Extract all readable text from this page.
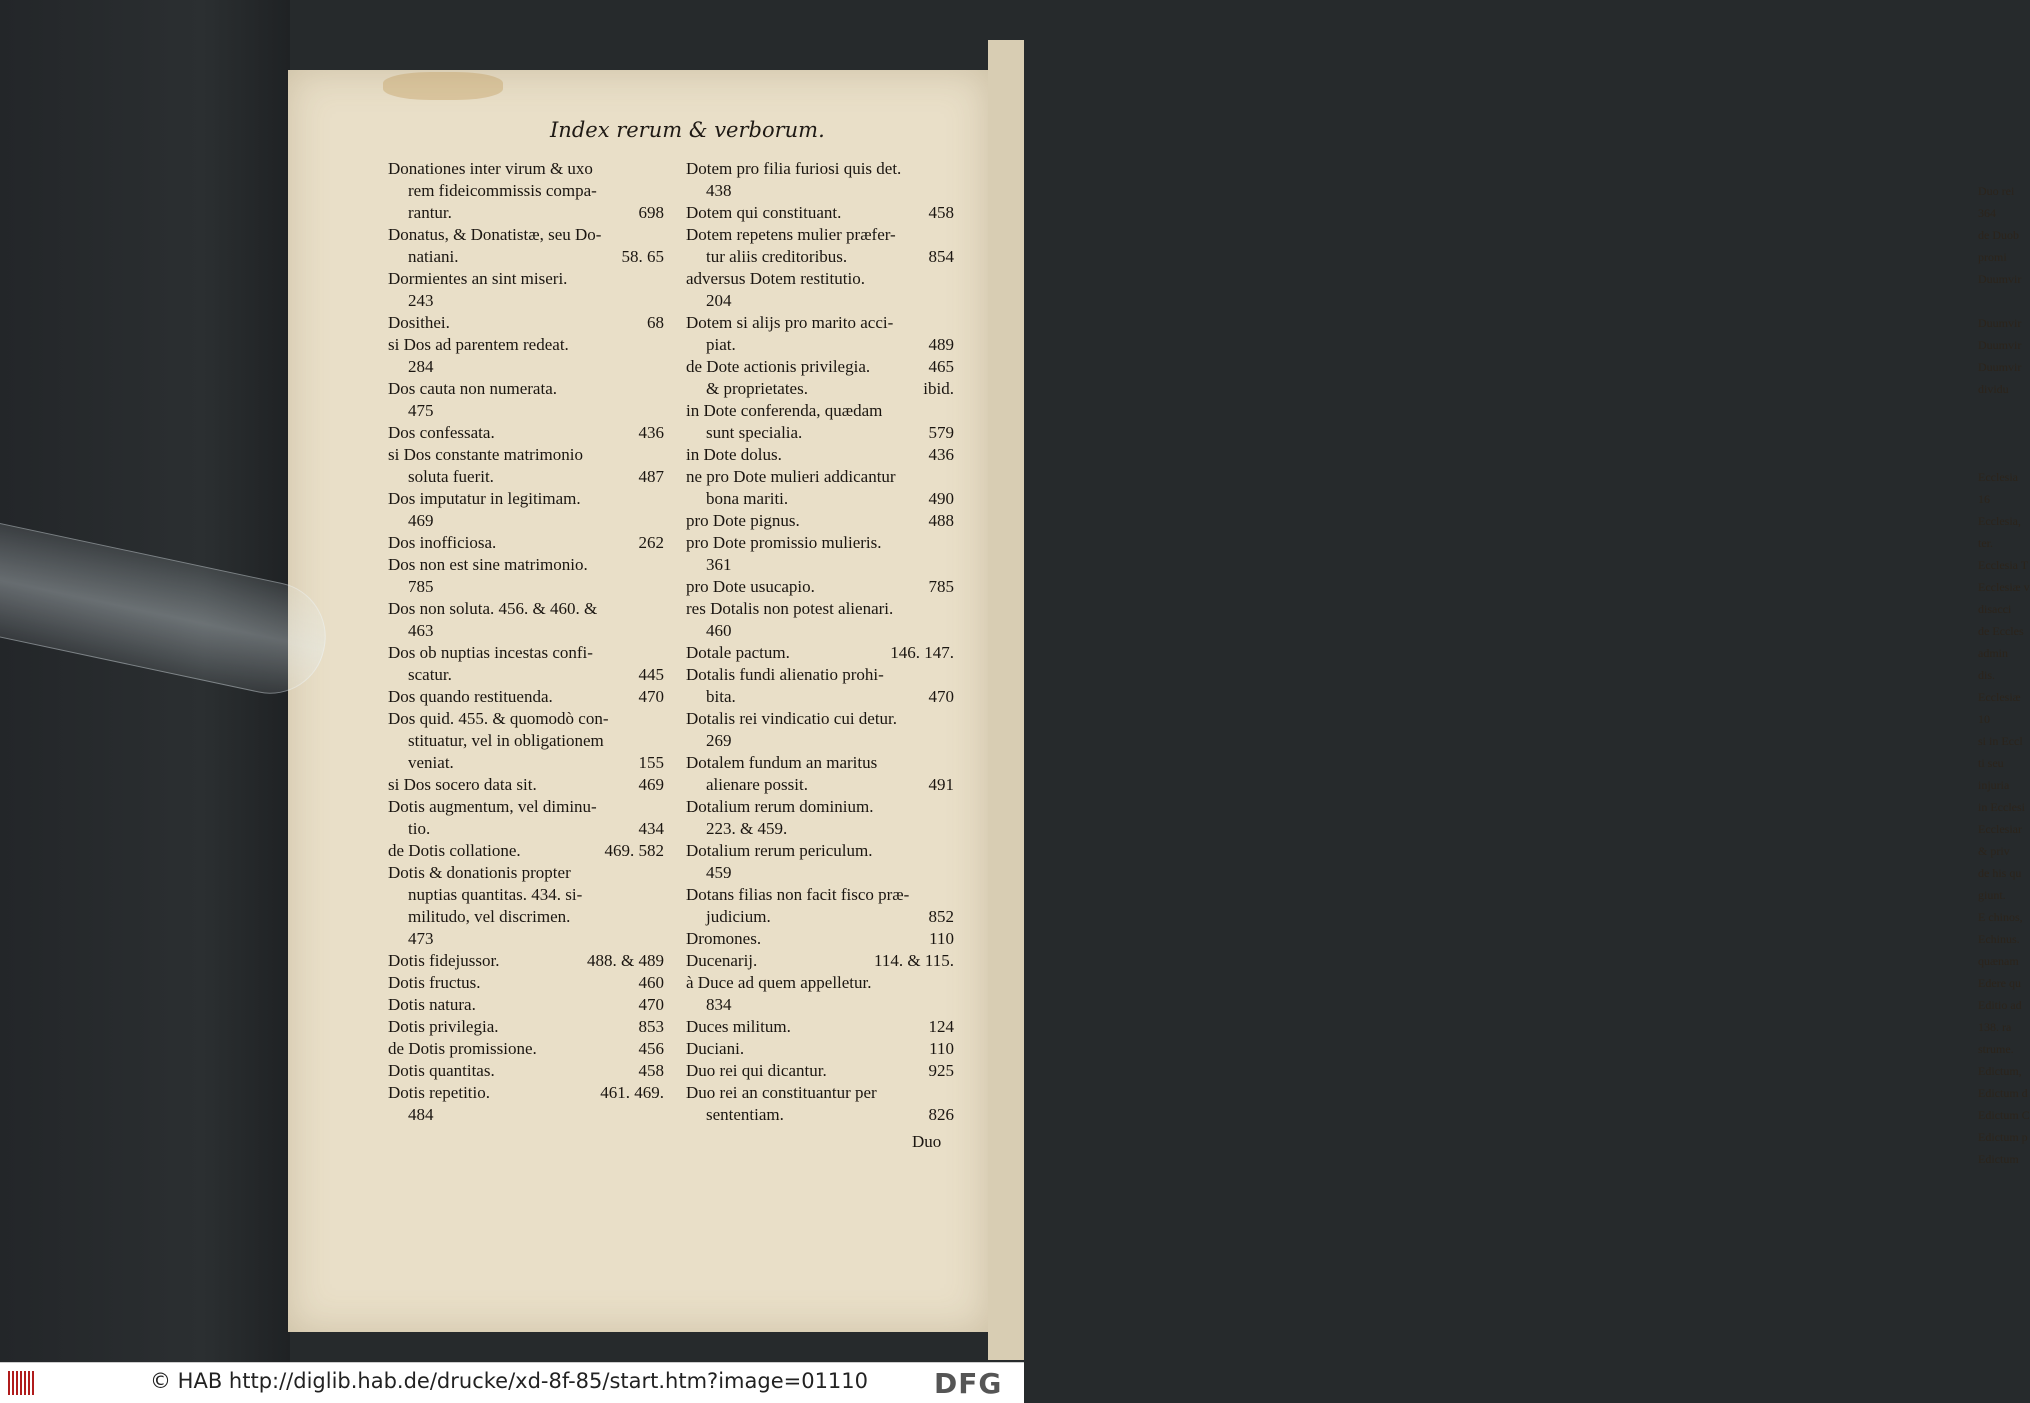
Duo rei
364
de Duob
promi
Duumvir
Duumvir
Duumvir
Duumvir
dividu
Ecclesia
16
Ecclesia,
ter.
Ecclesia T
Ecclesiæ v
disacci
de Eccles
admin
dis.
Ecclesiæ
10
si in Eccl
ti seu
injuria
in Ecclesi
Ecclesiar
& priv
de his qu
giunt.
E chinos,
Echinus.
quænam
Edere qu
Editio ad
138. ra
strume.
Edictum,
Edictum d
Edictum C
Edictum p
Edictum
Index rerum & verborum.
Donationes inter virum & uxo
rem fideicommissis compa-
rantur.	698
Donatus, & Donatistæ, seu Do-
natiani.	58. 65
Dormientes an sint miseri.
243
Dosithei.	68
si Dos ad parentem redeat.
284
Dos cauta non numerata.
475
Dos confessata.	436
si Dos constante matrimonio
soluta fuerit.	487
Dos imputatur in legitimam.
469
Dos inofficiosa.	262
Dos non est sine matrimonio.
785
Dos non soluta. 456. & 460. &
463
Dos ob nuptias incestas confi-
scatur.	445
Dos quando restituenda.	470
Dos quid. 455. & quomodò con-
stituatur, vel in obligationem
veniat.	155
si Dos socero data sit.	469
Dotis augmentum, vel diminu-
tio.	434
de Dotis collatione.	469. 582
Dotis & donationis propter
nuptias quantitas. 434. si-
militudo, vel discrimen.
473
Dotis fidejussor.	488. & 489
Dotis fructus.	460
Dotis natura.	470
Dotis privilegia.	853
de Dotis promissione.	456
Dotis quantitas.	458
Dotis repetitio.	461. 469.
484
Dotem pro filia furiosi quis det.
438
Dotem qui constituant.	458
Dotem repetens mulier præfer-
tur aliis creditoribus.	854
adversus Dotem restitutio.
204
Dotem si alijs pro marito acci-
piat.	489
de Dote actionis privilegia.	465
& proprietates.	ibid.
in Dote conferenda, quædam
sunt specialia.	579
in Dote dolus.	436
ne pro Dote mulieri addicantur
bona mariti.	490
pro Dote pignus.	488
pro Dote promissio mulieris.
361
pro Dote usucapio.	785
res Dotalis non potest alienari.
460
Dotale pactum.	146. 147.
Dotalis fundi alienatio prohi-
bita.	470
Dotalis rei vindicatio cui detur.
269
Dotalem fundum an maritus
alienare possit.	491
Dotalium rerum dominium.
223. & 459.
Dotalium rerum periculum.
459
Dotans filias non facit fisco præ-
judicium.	852
Dromones.	110
Ducenarij.	114. & 115.
à Duce ad quem appelletur.
834
Duces militum.	124
Duciani.	110
Duo rei qui dicantur.	925
Duo rei an constituantur per
sententiam.	826
Duo
© HAB http://diglib.hab.de/drucke/xd-8f-85/start.htm?image=01110 DFG
